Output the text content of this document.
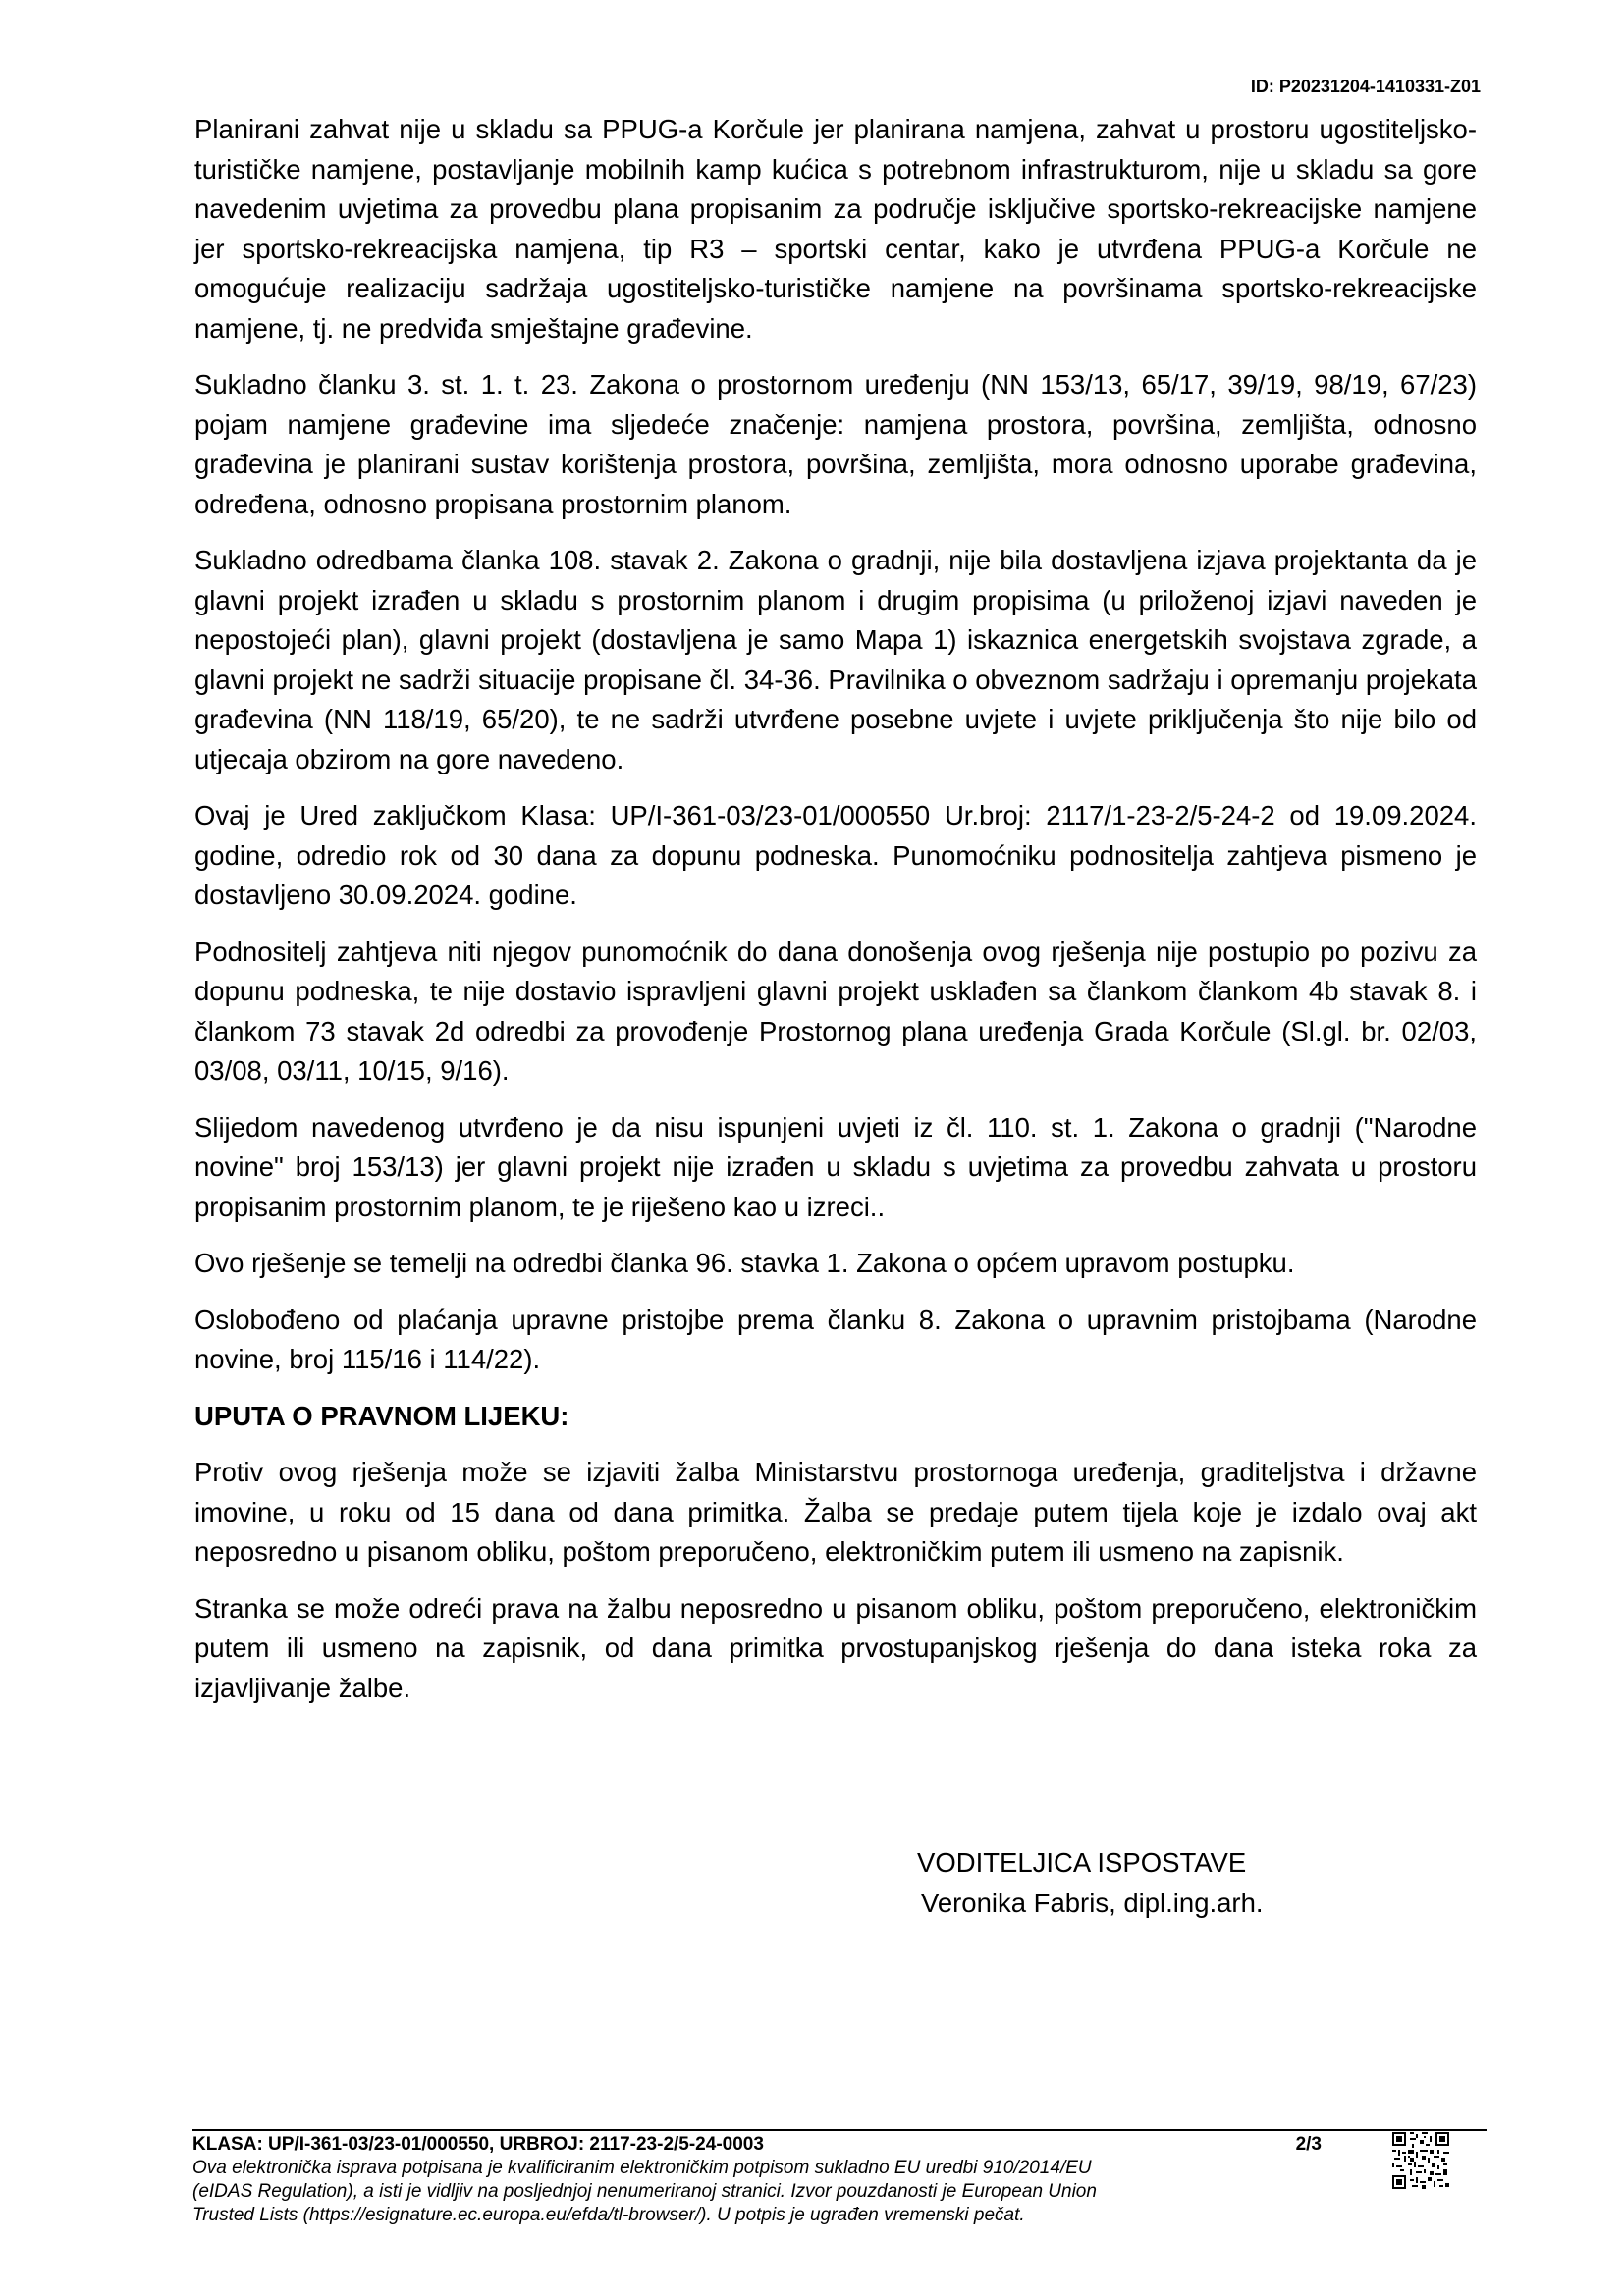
ID: P20231204-1410331-Z01

Planirani zahvat nije u skladu sa PPUG-a Korčule jer planirana namjena, zahvat u prostoru ugostiteljsko-turističke namjene, postavljanje mobilnih kamp kućica s potrebnom infrastrukturom, nije u skladu sa gore navedenim uvjetima za provedbu plana propisanim za područje isključive sportsko-rekreacijske namjene jer sportsko-rekreacijska namjena, tip R3 – sportski centar, kako je utvrđena PPUG-a Korčule ne omogućuje realizaciju sadržaja ugostiteljsko-turističke namjene na površinama sportsko-rekreacijske namjene, tj. ne predviđa smještajne građevine.

Sukladno članku 3. st. 1. t. 23. Zakona o prostornom uređenju (NN 153/13, 65/17, 39/19, 98/19, 67/23) pojam namjene građevine ima sljedeće značenje: namjena prostora, površina, zemljišta, odnosno građevina je planirani sustav korištenja prostora, površina, zemljišta, mora odnosno uporabe građevina, određena, odnosno propisana prostornim planom.

Sukladno odredbama članka 108. stavak 2. Zakona o gradnji, nije bila dostavljena izjava projektanta da je glavni projekt izrađen u skladu s prostornim planom i drugim propisima (u priloženoj izjavi naveden je nepostojeći plan), glavni projekt (dostavljena je samo Mapa 1) iskaznica energetskih svojstava zgrade, a glavni projekt ne sadrži situacije propisane čl. 34-36. Pravilnika o obveznom sadržaju i opremanju projekata građevina (NN 118/19, 65/20), te ne sadrži utvrđene posebne uvjete i uvjete priključenja što nije bilo od utjecaja obzirom na gore navedeno.

Ovaj je Ured zaključkom Klasa: UP/I-361-03/23-01/000550 Ur.broj: 2117/1-23-2/5-24-2 od 19.09.2024. godine, odredio rok od 30 dana za dopunu podneska. Punomoćniku podnositelja zahtjeva pismeno je dostavljeno 30.09.2024. godine.

Podnositelj zahtjeva niti njegov punomoćnik do dana donošenja ovog rješenja nije postupio po pozivu za dopunu podneska, te nije dostavio ispravljeni glavni projekt usklađen sa člankom člankom 4b stavak 8. i člankom 73 stavak 2d odredbi za provođenje Prostornog plana uređenja Grada Korčule (Sl.gl. br. 02/03, 03/08, 03/11, 10/15, 9/16).

Slijedom navedenog utvrđeno je da nisu ispunjeni uvjeti iz čl. 110. st. 1. Zakona o gradnji ("Narodne novine" broj 153/13) jer glavni projekt nije izrađen u skladu s uvjetima za provedbu zahvata u prostoru propisanim prostornim planom, te je riješeno kao u izreci..

Ovo rješenje se temelji na odredbi članka 96. stavka 1. Zakona o općem upravom postupku.

Oslobođeno od plaćanja upravne pristojbe prema članku 8. Zakona o upravnim pristojbama (Narodne novine, broj 115/16 i 114/22).

UPUTA O PRAVNOM LIJEKU:

Protiv ovog rješenja može se izjaviti žalba Ministarstvu prostornoga uređenja, graditeljstva i državne imovine, u roku od 15 dana od dana primitka. Žalba se predaje putem tijela koje je izdalo ovaj akt neposredno u pisanom obliku, poštom preporučeno, elektroničkim putem ili usmeno na zapisnik.

Stranka se može odreći prava na žalbu neposredno u pisanom obliku, poštom preporučeno, elektroničkim putem ili usmeno na zapisnik, od dana primitka prvostupanjskog rješenja do dana isteka roka za izjavljivanje žalbe.

VODITELJICA ISPOSTAVE
Veronika Fabris, dipl.ing.arh.
KLASA: UP/I-361-03/23-01/000550, URBROJ: 2117-23-2/5-24-0003	2/3
Ova elektronička isprava potpisana je kvalificiranim elektroničkim potpisom sukladno EU uredbi 910/2014/EU
(eIDAS Regulation), a isti je vidljiv na posljednjoj nenumeriranoj stranici. Izvor pouzdanosti je European Union
Trusted Lists (https://esignature.ec.europa.eu/efda/tl-browser/). U potpis je ugrađen vremenski pečat.
